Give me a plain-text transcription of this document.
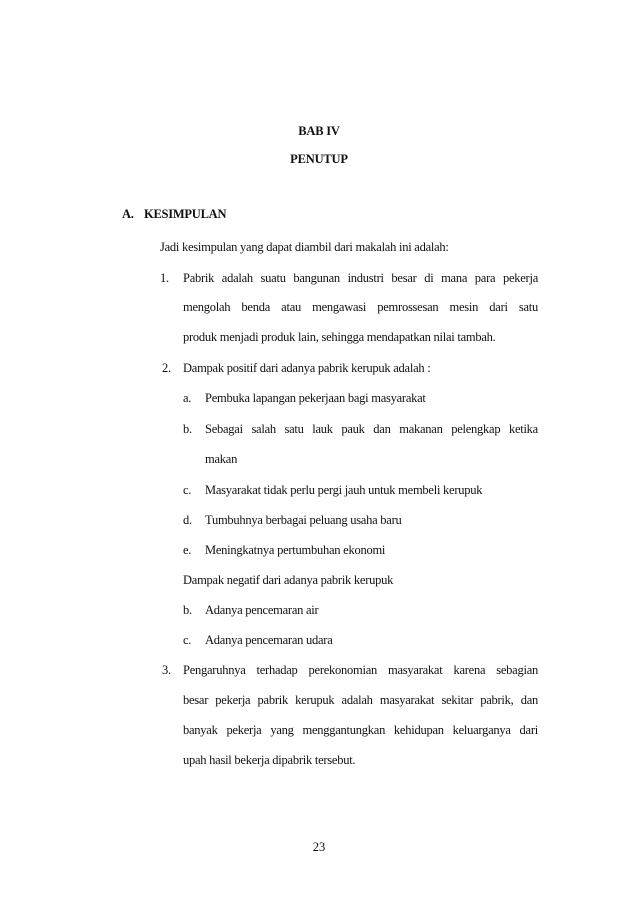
BAB IV
PENUTUP
A. KESIMPULAN
Jadi kesimpulan yang dapat diambil dari makalah ini adalah:
1. Pabrik adalah suatu bangunan industri besar di mana para pekerja
mengolah benda atau mengawasi pemrossesan mesin dari satu
produk menjadi produk lain, sehingga mendapatkan nilai tambah.
2. Dampak positif dari adanya pabrik kerupuk adalah :
a. Pembuka lapangan pekerjaan bagi masyarakat
b. Sebagai salah satu lauk pauk dan makanan pelengkap ketika
makan
c. Masyarakat tidak perlu pergi jauh untuk membeli kerupuk
d. Tumbuhnya berbagai peluang usaha baru
e. Meningkatnya pertumbuhan ekonomi
Dampak negatif dari adanya pabrik kerupuk
b. Adanya pencemaran air
c. Adanya pencemaran udara
3. Pengaruhnya terhadap perekonomian masyarakat karena sebagian
besar pekerja pabrik kerupuk adalah masyarakat sekitar pabrik, dan
banyak pekerja yang menggantungkan kehidupan keluarganya dari
upah hasil bekerja dipabrik tersebut.
23
